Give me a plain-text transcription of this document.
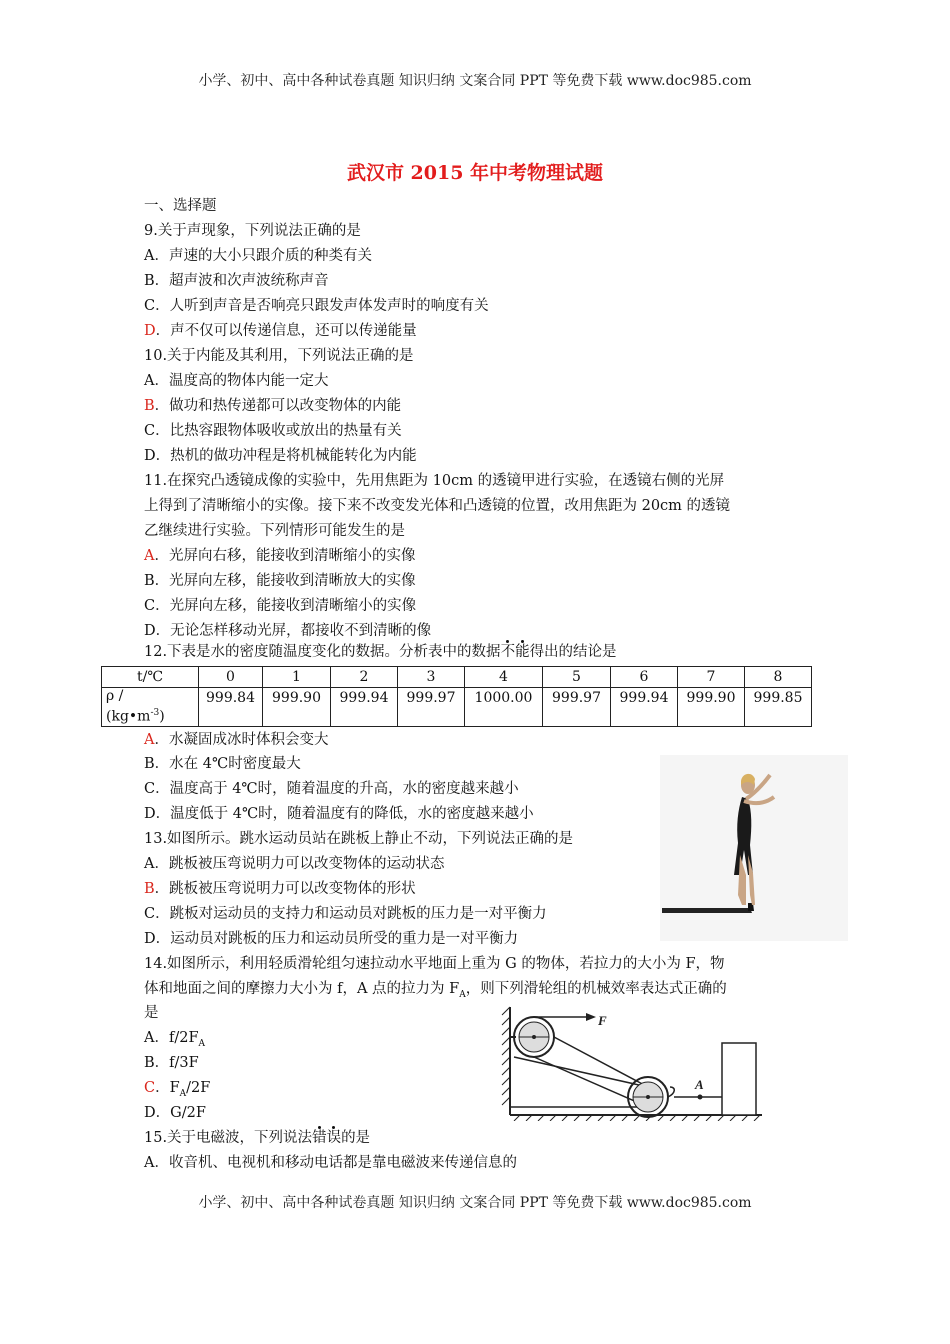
小学、初中、高中各种试卷真题 知识归纳 文案合同 PPT 等免费下载 www.doc985.com
武汉市 2015 年中考物理试题
一、选择题
9.关于声现象，下列说法正确的是
A．声速的大小只跟介质的种类有关
B．超声波和次声波统称声音
C．人听到声音是否响亮只跟发声体发声时的响度有关
D．声不仅可以传递信息，还可以传递能量
10.关于内能及其利用，下列说法正确的是
A．温度高的物体内能一定大
B．做功和热传递都可以改变物体的内能
C．比热容跟物体吸收或放出的热量有关
D．热机的做功冲程是将机械能转化为内能
11.在探究凸透镜成像的实验中，先用焦距为 10cm 的透镜甲进行实验，在透镜右侧的光屏
上得到了清晰缩小的实像。接下来不改变发光体和凸透镜的位置，改用焦距为 20cm 的透镜
乙继续进行实验。下列情形可能发生的是
A．光屏向右移，能接收到清晰缩小的实像
B．光屏向左移，能接收到清晰放大的实像
C．光屏向左移，能接收到清晰缩小的实像
D．无论怎样移动光屏，都接收不到清晰的像
12.下表是水的密度随温度变化的数据。分析表中的数据不能得出的结论是
t/℃	0	1	2	3	4	5	6	7	8
ρ /
$(kg•m^{-3})$	999.84	999.90	999.94	999.97	1000.00	999.97	999.94	999.90	999.85
A．水凝固成冰时体积会变大
B．水在 4℃时密度最大
C．温度高于 4℃时，随着温度的升高，水的密度越来越小
D．温度低于 4℃时，随着温度有的降低，水的密度越来越小
13.如图所示。跳水运动员站在跳板上静止不动，下列说法正确的是
A．跳板被压弯说明力可以改变物体的运动状态
B．跳板被压弯说明力可以改变物体的形状
C．跳板对运动员的支持力和运动员对跳板的压力是一对平衡力
D．运动员对跳板的压力和运动员所受的重力是一对平衡力
14.如图所示，利用轻质滑轮组匀速拉动水平地面上重为 G 的物体，若拉力的大小为 F，物
体和地面之间的摩擦力大小为 f，A 点的拉力为 $F_A$，则下列滑轮组的机械效率表达式正确的
是
A．$f/2F_A$
B．f/3F
C．$F_A/2F$
D．G/2F
F
A
15.关于电磁波，下列说法错误的是
A．收音机、电视机和移动电话都是靠电磁波来传递信息的
小学、初中、高中各种试卷真题 知识归纳 文案合同 PPT 等免费下载 www.doc985.com
